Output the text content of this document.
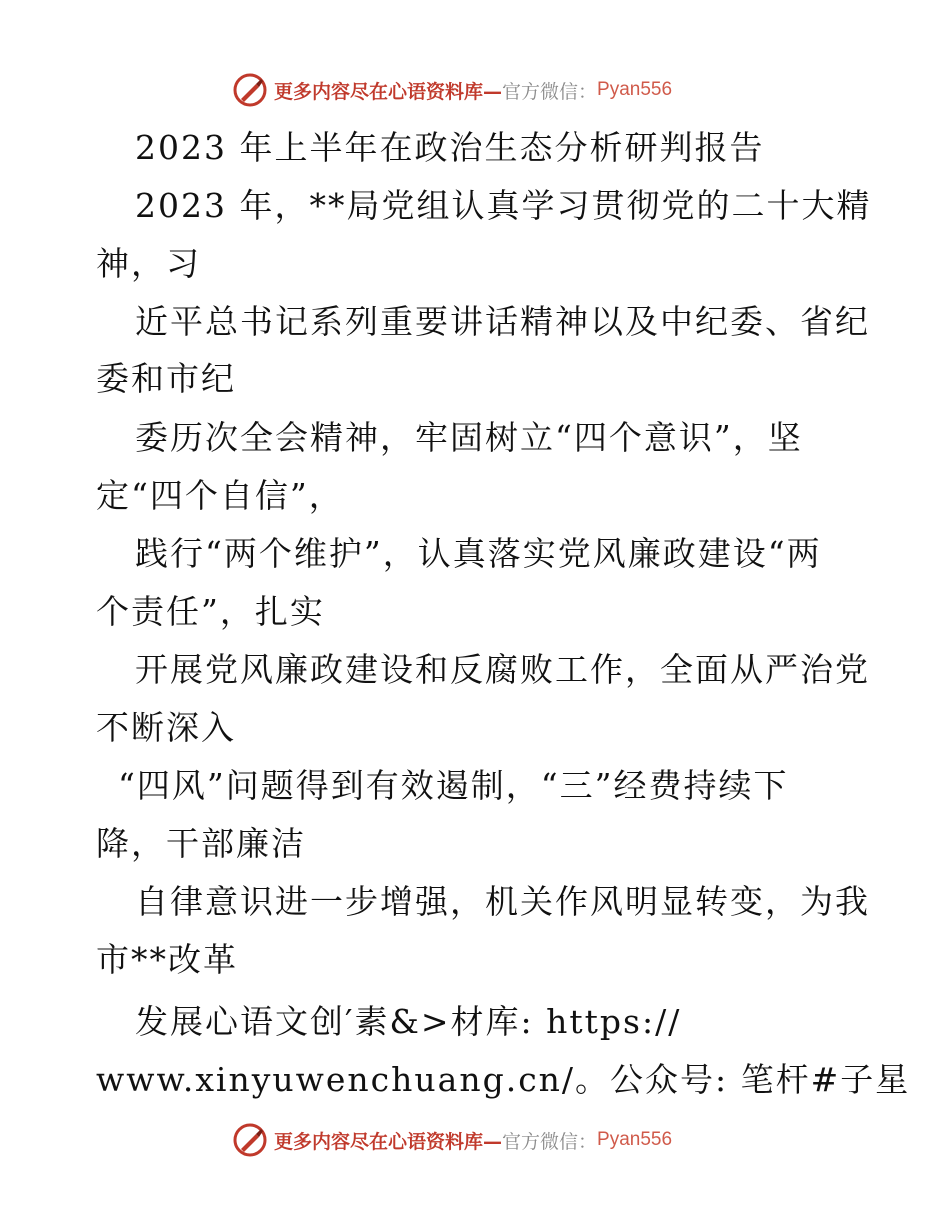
更多内容尽在心语资料库— 官方微信： Pyan556
2023 年上半年在政治生态分析研判报告
2023 年，**局党组认真学习贯彻党的二十大精
神，习
近平总书记系列重要讲话精神以及中纪委、省纪
委和市纪
委历次全会精神，牢固树立“四个意识”，坚
定“四个自信”，
践行“两个维护”，认真落实党风廉政建设“两
个责任”，扎实
开展党风廉政建设和反腐败工作，全面从严治党
不断深入
“四风”问题得到有效遏制，“三”经费持续下
降，干部廉洁
自律意识进一步增强，机关作风明显转变，为我
市**改革
发展心语文创′素&>材库: https://
www.xinyuwenchuang.cn/。公众号: 笔杆#子星
更多内容尽在心语资料库— 官方微信： Pyan556
